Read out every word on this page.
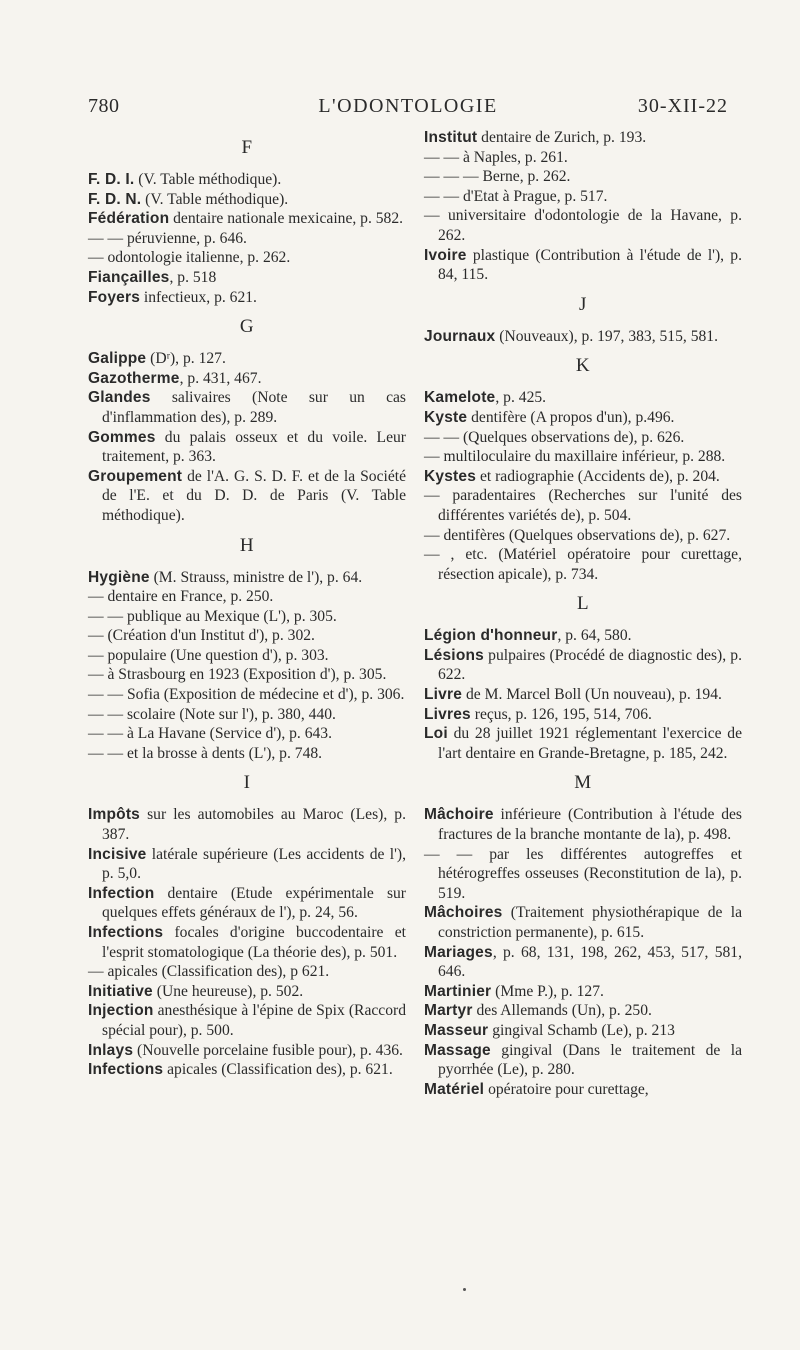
780	L'ODONTOLOGIE	30-XII-22
F

F. D. I. (V. Table méthodique).

F. D. N. (V. Table méthodique).

Fédération dentaire nationale mexicaine, p. 582.

— — péruvienne, p. 646.

— odontologie italienne, p. 262.

Fiançailles, p. 518

Foyers infectieux, p. 621.

G

Galippe (Dʳ), p. 127.

Gazotherme, p. 431, 467.

Glandes salivaires (Note sur un cas d'inflammation des), p. 289.

Gommes du palais osseux et du voile. Leur traitement, p. 363.

Groupement de l'A. G. S. D. F. et de la Société de l'E. et du D. D. de Paris (V. Table méthodique).

H

Hygiène (M. Strauss, ministre de l'), p. 64.

— dentaire en France, p. 250.

— — publique au Mexique (L'), p. 305.

— (Création d'un Institut d'), p. 302.

— populaire (Une question d'), p. 303.

— à Strasbourg en 1923 (Exposition d'), p. 305.

— — Sofia (Exposition de médecine et d'), p. 306.

— — scolaire (Note sur l'), p. 380, 440.

— — à La Havane (Service d'), p. 643.

— — et la brosse à dents (L'), p. 748.

I

Impôts sur les automobiles au Maroc (Les), p. 387.

Incisive latérale supérieure (Les accidents de l'), p. 5,0.

Infection dentaire (Etude expérimentale sur quelques effets généraux de l'), p. 24, 56.

Infections focales d'origine buccodentaire et l'esprit stomatologique (La théorie des), p. 501.

— apicales (Classification des), p 621.

Initiative (Une heureuse), p. 502.

Injection anesthésique à l'épine de Spix (Raccord spécial pour), p. 500.

Inlays (Nouvelle porcelaine fusible pour), p. 436.

Infections apicales (Classification des), p. 621.

Institut dentaire de Zurich, p. 193.

— — à Naples, p. 261.

— — — Berne, p. 262.

— — d'Etat à Prague, p. 517.

— universitaire d'odontologie de la Havane, p. 262.

Ivoire plastique (Contribution à l'étude de l'), p. 84, 115.

J

Journaux (Nouveaux), p. 197, 383, 515, 581.

K

Kamelote, p. 425.

Kyste dentifère (A propos d'un), p.496.

— — (Quelques observations de), p. 626.

— multiloculaire du maxillaire inférieur, p. 288.

Kystes et radiographie (Accidents de), p. 204.

— paradentaires (Recherches sur l'unité des différentes variétés de), p. 504.

— dentifères (Quelques observations de), p. 627.

— , etc. (Matériel opératoire pour curettage, résection apicale), p. 734.

L

Légion d'honneur, p. 64, 580.

Lésions pulpaires (Procédé de diagnostic des), p. 622.

Livre de M. Marcel Boll (Un nouveau), p. 194.

Livres reçus, p. 126, 195, 514, 706.

Loi du 28 juillet 1921 réglementant l'exercice de l'art dentaire en Grande-Bretagne, p. 185, 242.

M

Mâchoire inférieure (Contribution à l'étude des fractures de la branche montante de la), p. 498.

— — par les différentes autogreffes et hétérogreffes osseuses (Reconstitution de la), p. 519.

Mâchoires (Traitement physiothérapique de la constriction permanente), p. 615.

Mariages, p. 68, 131, 198, 262, 453, 517, 581, 646.

Martinier (Mme P.), p. 127.

Martyr des Allemands (Un), p. 250.

Masseur gingival Schamb (Le), p. 213

Massage gingival (Dans le traitement de la pyorrhée (Le), p. 280.

Matériel opératoire pour curettage,
